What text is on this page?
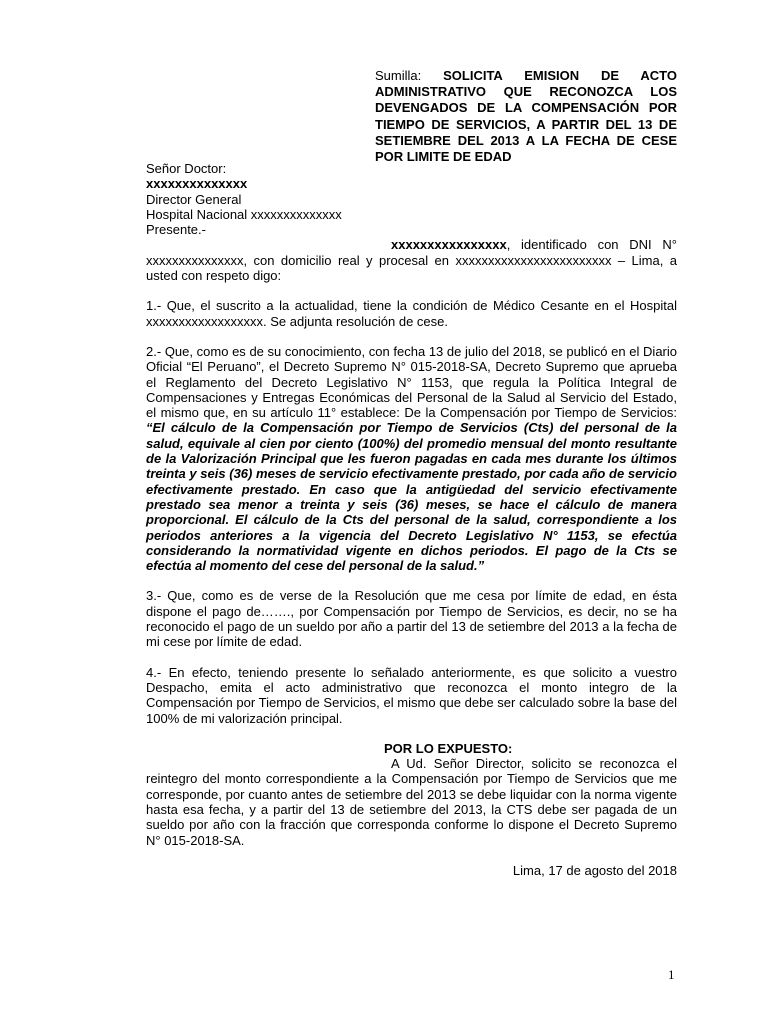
Sumilla: SOLICITA EMISION DE ACTO ADMINISTRATIVO QUE RECONOZCA LOS DEVENGADOS DE LA COMPENSACIÓN POR TIEMPO DE SERVICIOS, A PARTIR DEL 13 DE SETIEMBRE DEL 2013 A LA FECHA DE CESE POR LIMITE DE EDAD
Señor Doctor:
xxxxxxxxxxxxxx
Director General
Hospital Nacional xxxxxxxxxxxxxx
Presente.-

xxxxxxxxxxxxxxxx, identificado con DNI N° xxxxxxxxxxxxxxx, con domicilio real y procesal en xxxxxxxxxxxxxxxxxxxxxxxx – Lima, a usted con respeto digo:

1.- Que, el suscrito a la actualidad, tiene la condición de Médico Cesante en el Hospital xxxxxxxxxxxxxxxxxx. Se adjunta resolución de cese.

2.- Que, como es de su conocimiento, con fecha 13 de julio del 2018, se publicó en el Diario Oficial “El Peruano”, el Decreto Supremo N° 015-2018-SA, Decreto Supremo que aprueba el Reglamento del Decreto Legislativo N° 1153, que regula la Política Integral de Compensaciones y Entregas Económicas del Personal de la Salud al Servicio del Estado, el mismo que, en su artículo 11° establece: De la Compensación por Tiempo de Servicios: “El cálculo de la Compensación por Tiempo de Servicios (Cts) del personal de la salud, equivale al cien por ciento (100%) del promedio mensual del monto resultante de la Valorización Principal que les fueron pagadas en cada mes durante los últimos treinta y seis (36) meses de servicio efectivamente prestado, por cada año de servicio efectivamente prestado. En caso que la antigüedad del servicio efectivamente prestado sea menor a treinta y seis (36) meses, se hace el cálculo de manera proporcional. El cálculo de la Cts del personal de la salud, correspondiente a los periodos anteriores a la vigencia del Decreto Legislativo N° 1153, se efectúa considerando la normatividad vigente en dichos periodos. El pago de la Cts se efectúa al momento del cese del personal de la salud.”

3.- Que, como es de verse de la Resolución que me cesa por límite de edad, en ésta dispone el pago de……., por Compensación por Tiempo de Servicios, es decir, no se ha reconocido el pago de un sueldo por año a partir del 13 de setiembre del 2013 a la fecha de mi cese por límite de edad.

4.- En efecto, teniendo presente lo señalado anteriormente, es que solicito a vuestro Despacho, emita el acto administrativo que reconozca el monto integro de la Compensación por Tiempo de Servicios, el mismo que debe ser calculado sobre la base del 100% de mi valorización principal.

POR LO EXPUESTO:

A Ud. Señor Director, solicito se reconozca el reintegro del monto correspondiente a la Compensación por Tiempo de Servicios que me corresponde, por cuanto antes de setiembre del 2013 se debe liquidar con la norma vigente hasta esa fecha, y a partir del 13 de setiembre del 2013, la CTS debe ser pagada de un sueldo por año con la fracción que corresponda conforme lo dispone el Decreto Supremo N° 015-2018-SA.

Lima, 17 de agosto del 2018

1
